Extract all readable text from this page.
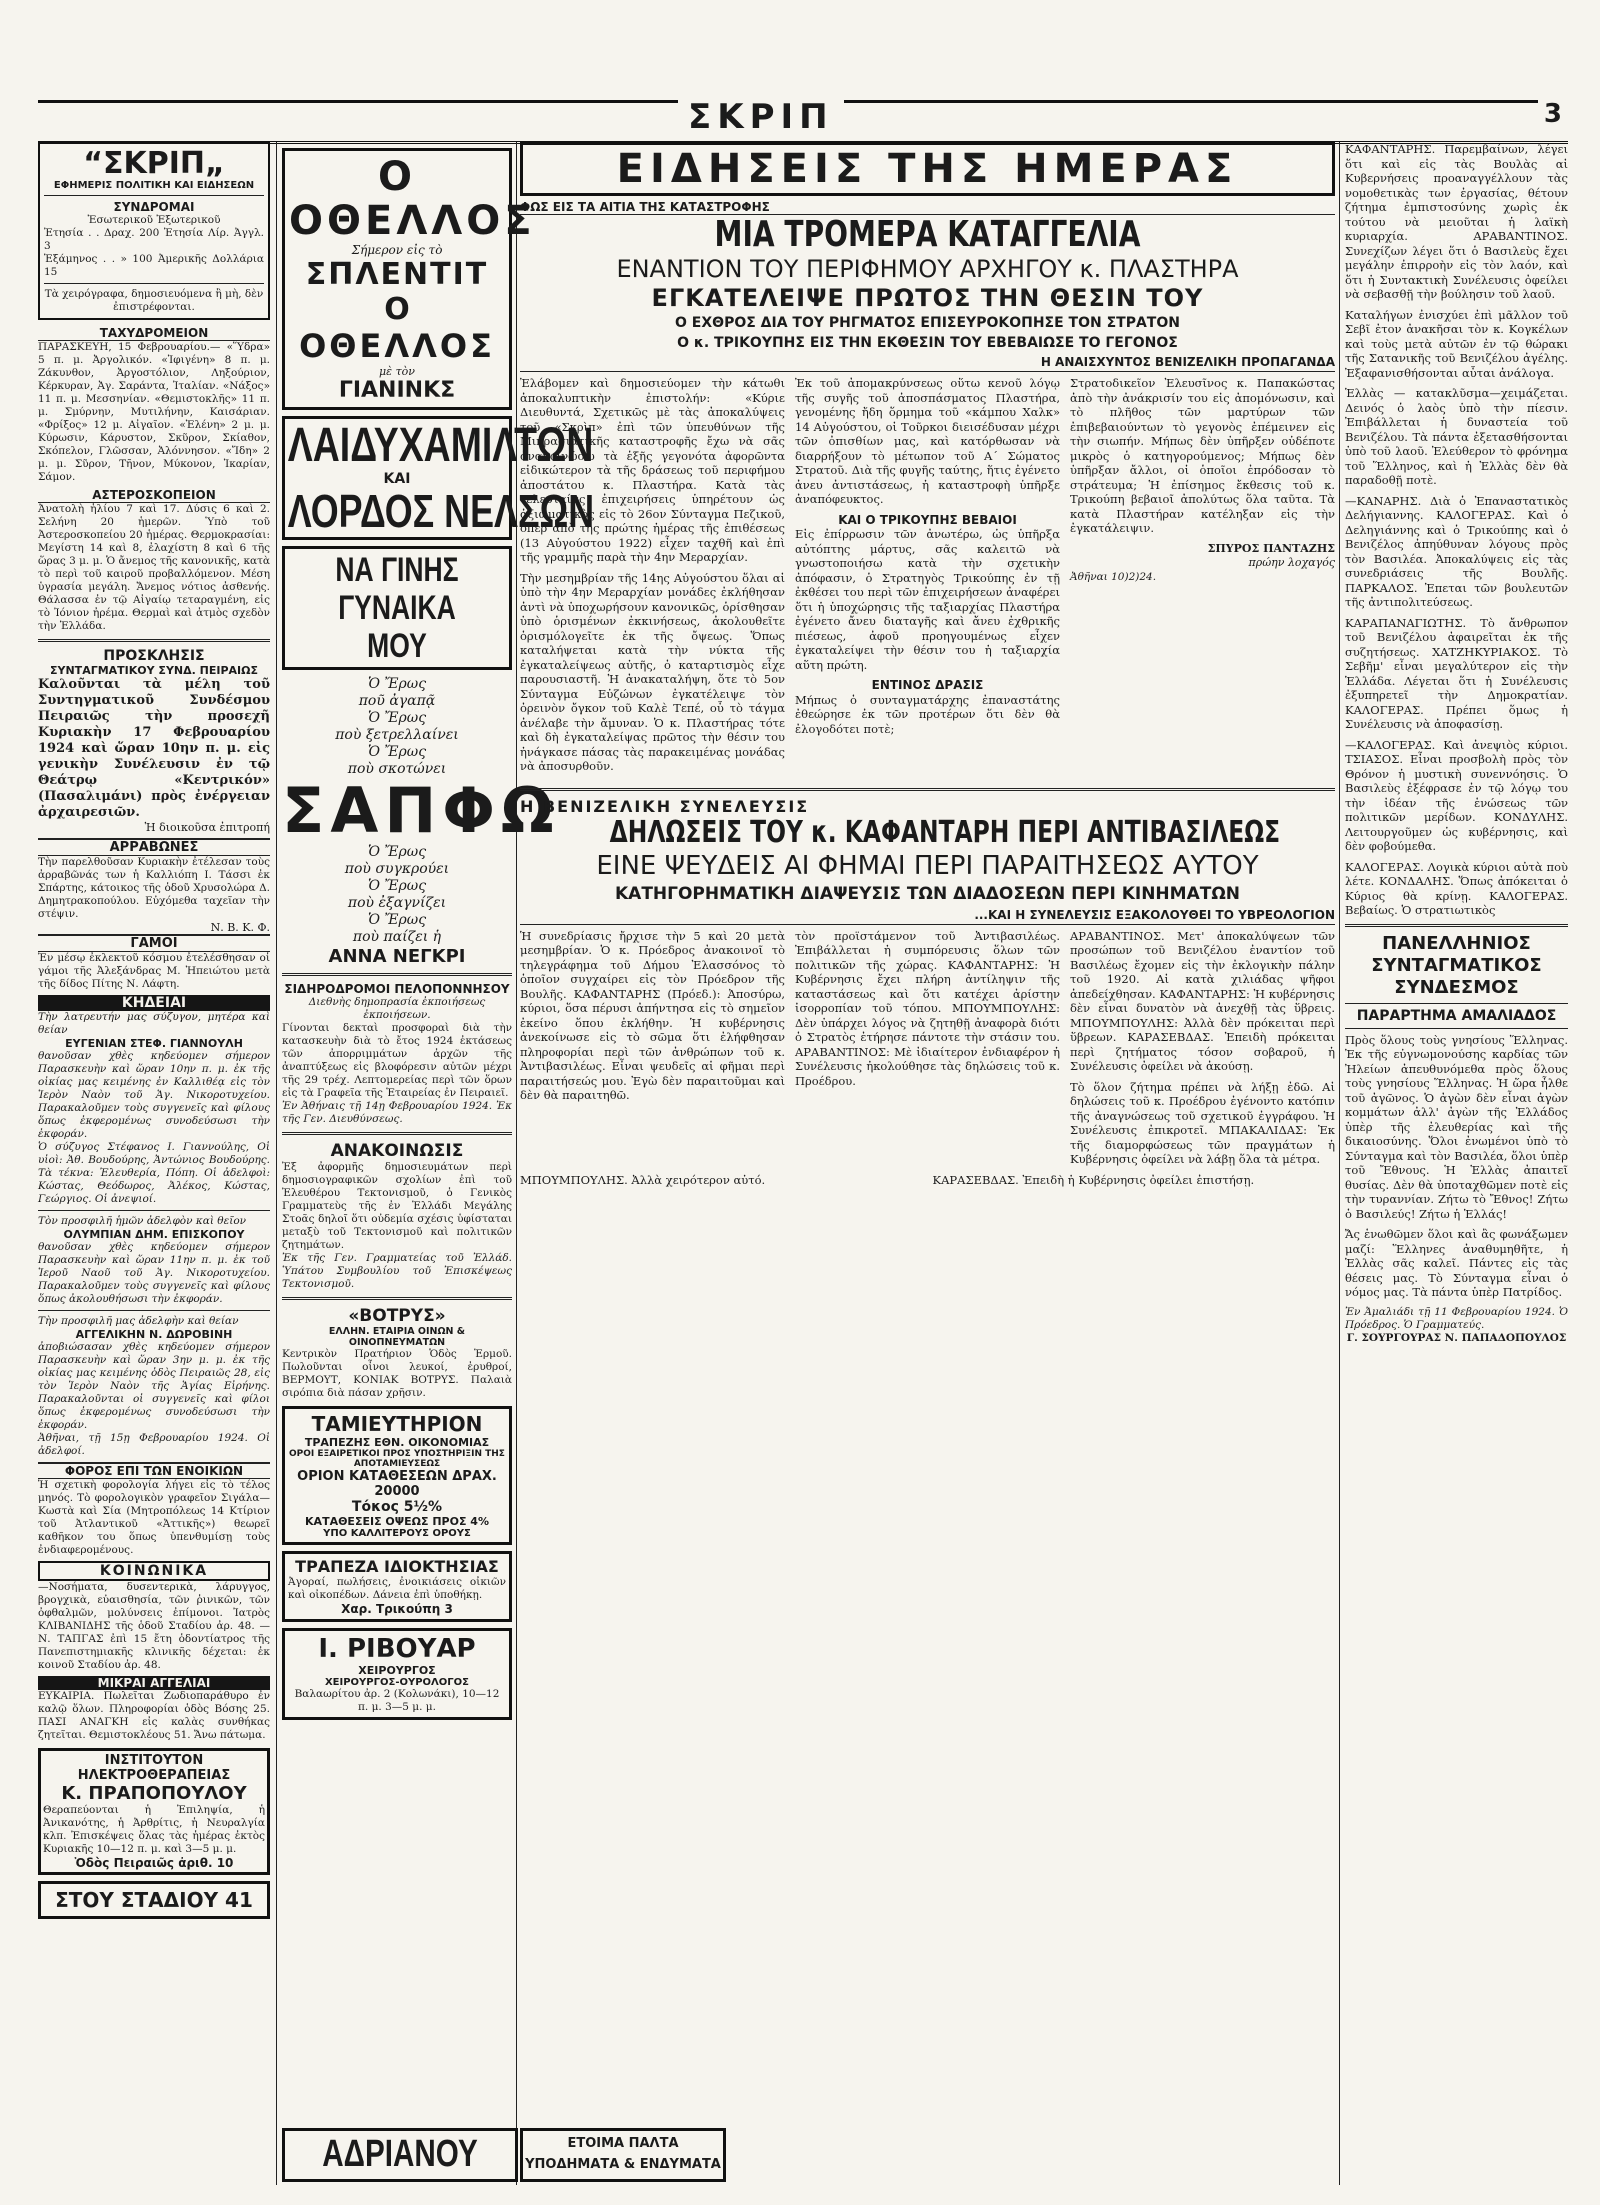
ΣΚΡΙΠ	3
“ΣΚΡΙΠ„
ΕΦΗΜΕΡΙΣ ΠΟΛΙΤΙΚΗ ΚΑΙ ΕΙΔΗΣΕΩΝ
ΣΥΝΔΡΟΜΑΙ
Ἐσωτερικοῦ Ἐξωτερικοῦ
Ἐτησία . . Δραχ. 200 Ἐτησία Λίρ. Ἀγγλ. 3
Ἑξάμηνος . . » 100 Ἀμερικῆς Δολλάρια 15
Τὰ χειρόγραφα, δημοσιευόμενα ἢ μὴ, δὲν ἐπιστρέφονται.
ΤΑΧΥΔΡΟΜΕΙΟΝ
ΠΑΡΑΣΚΕΥΗ, 15 Φεβρουαρίου.— «Ὕδρα» 5 π. μ. Ἀργολικόν. «Ἰφιγένη» 8 π. μ. Ζάκυνθον, Ἀργοστόλιον, Ληξούριον, Κέρκυραν, Ἀγ. Σαράντα, Ἰταλίαν. «Νάξος» 11 π. μ. Μεσσηνίαν. «Θεμιστοκλῆς» 11 π. μ. Σμύρνην, Μυτιλήνην, Καισάριαν. «Φρίξος» 12 μ. Αἰγαῖον. «Ἑλένη» 2 μ. μ. Κύρωσιν, Κάρυστον, Σκῦρον, Σκίαθον, Σκόπελον, Γλῶσσαν, Ἀλόννησον. «Ἴδη» 2 μ. μ. Σῦρον, Τῆνον, Μύκονον, Ἰκαρίαν, Σάμον.
ΑΣΤΕΡΟΣΚΟΠΕΙΟΝ
Ἀνατολὴ ἡλίου 7 καὶ 17. Δύσις 6 καὶ 2. Σελήνη 20 ἡμερῶν. Ὑπὸ τοῦ Ἀστεροσκοπείου 20 ἡμέρας. Θερμοκρασίαι: Μεγίστη 14 καὶ 8, ἐλαχίστη 8 καὶ 6 τῆς ὥρας 3 μ. μ. Ὁ ἄνεμος τῆς κανονικῆς, κατὰ τὸ περὶ τοῦ καιροῦ προβαλλόμενον. Μέση ὑγρασία μεγάλη. Ἄνεμος νότιος ἀσθενής. Θάλασσα ἐν τῷ Αἰγαίῳ τεταραγμένη, εἰς τὸ Ἰόνιον ἠρέμα. Θερμαὶ καὶ ἀτμὸς σχεδὸν τὴν Ἑλλάδα.
ΠΡΟΣΚΛΗΣΙΣ
ΣΥΝΤΑΓΜΑΤΙΚΟΥ ΣΥΝΔ. ΠΕΙΡΑΙΩΣ
Καλοῦνται τὰ μέλη τοῦ Συντηγματικοῦ Συνδέσμου Πειραιῶς τὴν προσεχῆ Κυριακὴν 17 Φεβρουαρίου 1924 καὶ ὥραν 10ην π. μ. εἰς γενικὴν Συνέλευσιν ἐν τῷ Θεάτρῳ «Κεντρικόν» (Πασαλιμάνι) πρὸς ἐνέργειαν ἀρχαιρεσιῶν.
Ἡ διοικοῦσα ἐπιτροπή
ΑΡΡΑΒΩΝΕΣ
Τὴν παρελθοῦσαν Κυριακὴν ἐτέλεσαν τοὺς ἀρραβῶνάς των ἡ Καλλιόπη Ι. Τάσσι ἐκ Σπάρτης, κάτοικος τῆς ὁδοῦ Χρυσολώρα Δ. Δημητρακοπούλου. Εὐχόμεθα ταχεῖαν τὴν στέψιν.
Ν. Β. Κ. Φ.
ΓΑΜΟΙ
Ἐν μέσῳ ἐκλεκτοῦ κόσμου ἐτελέσθησαν οἱ γάμοι τῆς Ἀλεξάνδρας Μ. Ἠπειώτου μετὰ τῆς δίδος Πίτης Ν. Λάφτη.
ΚΗΔΕΙΑΙ
Τὴν λατρευτήν μας σύζυγον, μητέρα καὶ θείαν
ΕΥΓΕΝΙΑΝ ΣΤΕΦ. ΓΙΑΝΝΟΥΛΗ
θανοῦσαν χθὲς κηδεύομεν σήμερον Παρασκευὴν καὶ ὥραν 10ην π. μ. ἐκ τῆς οἰκίας μας κειμένης ἐν Καλλιθέᾳ εἰς τὸν Ἱερὸν Ναὸν τοῦ Ἁγ. Νικοροτυχείου. Παρακαλοῦμεν τοὺς συγγενεῖς καὶ φίλους ὅπως ἐκφερομένως συνοδεύσωσι τὴν ἐκφοράν.
Ὁ σύζυγος Στέφανος Ι. Γιαννούλης, Οἱ υἱοὶ: Ἀθ. Βουδούρης, Ἀντώνιος Βουδούρης. Τὰ τέκνα: Ἐλευθερία, Πόπη. Οἱ ἀδελφοὶ: Κώστας, Θεόδωρος, Ἀλέκος, Κώστας, Γεώργιος. Οἱ ἀνεψιοί.
Τὸν προσφιλῆ ἡμῶν ἀδελφὸν καὶ θεῖον
ΟΛΥΜΠΙΑΝ ΔΗΜ. ΕΠΙΣΚΟΠΟΥ
θανοῦσαν χθὲς κηδεύομεν σήμερον Παρασκευὴν καὶ ὥραν 11ην π. μ. ἐκ τοῦ Ἱεροῦ Ναοῦ τοῦ Ἁγ. Νικοροτυχείου. Παρακαλοῦμεν τοὺς συγγενεῖς καὶ φίλους ὅπως ἀκολουθήσωσι τὴν ἐκφοράν.
Τὴν προσφιλῆ μας ἀδελφὴν καὶ θείαν
ΑΓΓΕΛΙΚΗΝ Ν. ΔΩΡΟΒΙΝΗ
ἀποβιώσασαν χθὲς κηδεύομεν σήμερον Παρασκευὴν καὶ ὥραν 3ην μ. μ. ἐκ τῆς οἰκίας μας κειμένης ὁδὸς Πειραιῶς 28, εἰς τὸν Ἱερὸν Ναὸν τῆς Ἁγίας Εἰρήνης. Παρακαλοῦνται οἱ συγγενεῖς καὶ φίλοι ὅπως ἐκφερομένως συνοδεύσωσι τὴν ἐκφοράν.
Ἀθῆναι, τῇ 15ῃ Φεβρουαρίου 1924. Οἱ ἀδελφοί.
ΦΟΡΟΣ ΕΠΙ ΤΩΝ ΕΝΟΙΚΙΩΝ
Ἡ σχετικὴ φορολογία λήγει εἰς τὸ τέλος μηνός. Τὸ φορολογικὸν γραφεῖον Σιγάλα—Κωστὰ καὶ Σία (Μητροπόλεως 14 Κτίριον τοῦ Ἀτλαντικοῦ «Ἀττικῆς») θεωρεῖ καθῆκον του ὅπως ὑπενθυμίσῃ τοὺς ἐνδιαφερομένους.
ΚΟΙΝΩΝΙΚΑ
—Νοσήματα, δυσεντερικὰ, λάρυγγος, βρογχικὰ, εὐαισθησία, τῶν ῥινικῶν, τῶν ὀφθαλμῶν, μολύνσεις ἐπίμονοι. Ἰατρὸς ΚΛΙΒΑΝΙΔΗΣ τῆς ὁδοῦ Σταδίου ἀρ. 48. — Ν. ΤΑΠΓΑΣ ἐπὶ 15 ἔτη ὁδοντίατρος τῆς Πανεπιστημιακῆς κλινικῆς δέχεται: ἐκ κοινοῦ Σταδίου ἀρ. 48.
ΜΙΚΡΑΙ ΑΓΓΕΛΙΑΙ
ΕΥΚΑΙΡΙΑ. Πωλεῖται Ζωδιοπαράθυρο ἐν καλῷ ὅλων. Πληροφορίαι ὁδὸς Βόσης 25. ΠΑΣΙ ΑΝΑΓΚΗ εἰς καλὰς συνθήκας ζητεῖται. Θεμιστοκλέους 51. Ἄνω πάτωμα.
ΙΝΣΤΙΤΟΥΤΟΝ ΗΛΕΚΤΡΟΘΕΡΑΠΕΙΑΣ
Κ. ΠΡΑΠΟΠΟΥΛΟΥ
Θεραπεύονται ἡ Ἐπιληψία, ἡ Ἀνικανότης, ἡ Ἀρθρίτις, ἡ Νευραλγία κλπ. Ἐπισκέψεις ὅλας τὰς ἡμέρας ἐκτὸς Κυριακῆς 10—12 π. μ. καὶ 3—5 μ. μ.
Ὁδὸς Πειραιῶς ἀριθ. 10
ΣΤΟΥ ΣΤΑΔΙΟΥ 41
Ο ΟΘΕΛΛΟΣ
Σήμερον εἰς τὸ
ΣΠΛΕΝΤΙΤ
Ο
ΟΘΕΛΛΟΣ
μὲ τὸν
ΓΙΑΝΙΝΚΣ
ΛΑΙΔΥΧΑΜΙΛΤΩΝ
ΚΑΙ
ΛΟΡΔΟΣ ΝΕΛΣΩΝ
ΝΑ ΓΙΝΗΣ ΓΥΝΑΙΚΑ ΜΟΥ
Ὁ Ἔρως
ποῦ ἀγαπᾷ
Ὁ Ἔρως
ποὺ ξετρελλαίνει
Ὁ Ἔρως
ποὺ σκοτώνει
ΣΑΠΦΩ
Ὁ Ἔρως
ποὺ συγκρούει
Ὁ Ἔρως
ποὺ ἐξαγνίζει
Ὁ Ἔρως
ποὺ παίζει ἡ
ΑΝΝΑ ΝΕΓΚΡΙ
ΣΙΔΗΡΟΔΡΟΜΟΙ ΠΕΛΟΠΟΝΝΗΣΟΥ
Διεθνὴς δημοπρασία ἐκποιήσεως ἐκποιήσεων.
Γίνονται δεκταὶ προσφοραὶ διὰ τὴν κατασκευὴν διὰ τὸ ἔτος 1924 ἐκτάσεως τῶν ἀπορριμμάτων ἀρχῶν τῆς ἀναπτύξεως εἰς βλοφόρεσιν αὐτῶν μέχρι τῆς 29 τρέχ. Λεπτομερείας περὶ τῶν ὅρων εἰς τὰ Γραφεῖα τῆς Ἑταιρείας ἐν Πειραιεῖ.
Ἐν Ἀθήναις τῇ 14ῃ Φεβρουαρίου 1924. Ἐκ τῆς Γεν. Διευθύνσεως.
ΑΝΑΚΟΙΝΩΣΙΣ
Ἐξ ἀφορμῆς δημοσιευμάτων περὶ δημοσιογραφικῶν σχολίων ἐπὶ τοῦ Ἐλευθέρου Τεκτονισμοῦ, ὁ Γενικὸς Γραμματεὺς τῆς ἐν Ἑλλάδι Μεγάλης Στοᾶς δηλοῖ ὅτι οὐδεμία σχέσις ὑφίσταται μεταξὺ τοῦ Τεκτονισμοῦ καὶ πολιτικῶν ζητημάτων.
Ἐκ τῆς Γεν. Γραμματείας τοῦ Ἐλλάδ. Ὑπάτου Συμβουλίου τοῦ Ἐπισκέψεως Τεκτονισμοῦ.
«ΒΟΤΡΥΣ»
ΕΛΛΗΝ. ΕΤΑΙΡΙΑ ΟΙΝΩΝ & ΟΙΝΟΠΝΕΥΜΑΤΩΝ
Κεντρικὸν Πρατήριον Ὁδὸς Ἑρμοῦ. Πωλοῦνται οἶνοι λευκοί, ἐρυθροί, ΒΕΡΜΟΥΤ, ΚΟΝΙΑΚ ΒΟΤΡΥΣ. Παλαιὰ σιρόπια διὰ πάσαν χρῆσιν.
ΤΑΜΙΕΥΤΗΡΙΟΝ
ΤΡΑΠΕΖΗΣ ΕΘΝ. ΟΙΚΟΝΟΜΙΑΣ
ΟΡΟΙ ΕΞΑΙΡΕΤΙΚΟΙ ΠΡΟΣ ΥΠΟΣΤΗΡΙΞΙΝ ΤΗΣ ΑΠΟΤΑΜΙΕΥΣΕΩΣ
ΟΡΙΟΝ ΚΑΤΑΘΕΣΕΩΝ ΔΡΑΧ. 20000
Τόκος 5½%
ΚΑΤΑΘΕΣΕΙΣ ΟΨΕΩΣ ΠΡΟΣ 4%
ΥΠΟ ΚΑΛΛΙΤΕΡΟΥΣ ΟΡΟΥΣ
ΤΡΑΠΕΖΑ ΙΔΙΟΚΤΗΣΙΑΣ
Ἀγοραί, πωλήσεις, ἐνοικιάσεις οἰκιῶν καὶ οἰκοπέδων. Δάνεια ἐπὶ ὑποθήκῃ.
Χαρ. Τρικούπη 3
Ι. ΡΙΒΟΥΑΡ
ΧΕΙΡΟΥΡΓΟΣ
ΧΕΙΡΟΥΡΓΟΣ-ΟΥΡΟΛΟΓΟΣ
Βαλαωρίτου ἀρ. 2 (Κολωνάκι), 10—12 π. μ. 3—5 μ. μ.
ΕΙΔΗΣΕΙΣ ΤΗΣ ΗΜΕΡΑΣ
ΦΩΣ ΕΙΣ ΤΑ ΑΙΤΙΑ ΤΗΣ ΚΑΤΑΣΤΡΟΦΗΣ
ΜΙΑ ΤΡΟΜΕΡΑ ΚΑΤΑΓΓΕΛΙΑ
ΕΝΑΝΤΙΟΝ ΤΟΥ ΠΕΡΙΦΗΜΟΥ ΑΡΧΗΓΟΥ κ. ΠΛΑΣΤΗΡΑ
ΕΓΚΑΤΕΛΕΙΨΕ ΠΡΩΤΟΣ ΤΗΝ ΘΕΣΙΝ ΤΟΥ
Ο ΕΧΘΡΟΣ ΔΙΑ ΤΟΥ ΡΗΓΜΑΤΟΣ ΕΠΙΣΕΥΡΟΚΟΠΗΣΕ ΤΟΝ ΣΤΡΑΤΟΝ
Ο κ. ΤΡΙΚΟΥΠΗΣ ΕΙΣ ΤΗΝ ΕΚΘΕΣΙΝ ΤΟΥ ΕΒΕΒΑΙΩΣΕ ΤΟ ΓΕΓΟΝΟΣ
Η ΑΝΑΙΣΧΥΝΤΟΣ ΒΕΝΙΖΕΛΙΚΗ ΠΡΟΠΑΓΑΝΔΑ

Ἐλάβομεν καὶ δημοσιεύομεν τὴν κάτωθι ἀποκαλυπτικὴν ἐπιστολήν: «Κύριε Διευθυντά, Σχετικῶς μὲ τὰς ἀποκαλύψεις τοῦ «Σκρὶπ» ἐπὶ τῶν ὑπευθύνων τῆς Μικρασιατικῆς καταστροφῆς ἔχω νὰ σᾶς ἀνακοινώσω τὰ ἑξῆς γεγονότα ἀφορῶντα εἰδικώτερον τὰ τῆς δράσεως τοῦ περιφήμου ἀποστάτου κ. Πλαστήρα. Κατὰ τὰς τελευταίας ἐπιχειρήσεις ὑπηρέτουν ὡς ἀξιωματικὸς εἰς τὸ 26ον Σύνταγμα Πεζικοῦ, ὅπερ ἀπὸ τῆς πρώτης ἡμέρας τῆς ἐπιθέσεως (13 Αὐγούστου 1922) εἶχεν ταχθῆ καὶ ἐπὶ τῆς γραμμῆς παρὰ τὴν 4ην Μεραρχίαν.

Τὴν μεσημβρίαν τῆς 14ης Αὐγούστου ὅλαι αἱ ὑπὸ τὴν 4ην Μεραρχίαν μονάδες ἐκλήθησαν ἀντὶ νὰ ὑποχωρήσουν κανονικῶς, ὁρίσθησαν ὑπὸ ὁρισμένων ἐκκινήσεως, ἀκολουθεῖτε ὁρισμόλογεῖτε ἐκ τῆς ὄψεως. Ὅπως καταλήψεται κατὰ τὴν νύκτα τῆς ἐγκαταλείψεως αὐτῆς, ὁ καταρτισμὸς εἶχε παρουσιαστῆ. Ἡ ἀνακαταλήψη, ὅτε τὸ 5ον Σύνταγμα Εὐζώνων ἐγκατέλειψε τὸν ὀρεινὸν ὄγκον τοῦ Καλὲ Τεπέ, οὗ τὸ τάγμα ἀνέλαβε τὴν ἄμυναν. Ὁ κ. Πλαστήρας τότε καὶ δὴ ἐγκαταλείψας πρῶτος τὴν θέσιν του ἠνάγκασε πάσας τὰς παρακειμένας μονάδας νὰ ἀποσυρθοῦν.

Ἐκ τοῦ ἀπομακρύνσεως οὕτω κενοῦ λόγῳ τῆς συγῆς τοῦ ἀποσπάσματος Πλαστήρα, γενομένης ἤδη ὅρμημα τοῦ «κάμπου Χαλκ» 14 Αὐγούστου, οἱ Τοῦρκοι διεισέδυσαν μέχρι τῶν ὀπισθίων μας, καὶ κατόρθωσαν νὰ διαρρήξουν τὸ μέτωπον τοῦ Α΄ Σώματος Στρατοῦ. Διὰ τῆς φυγῆς ταύτης, ἥτις ἐγένετο ἀνευ ἀντιστάσεως, ἡ καταστροφὴ ὑπῆρξε ἀναπόφευκτος.

ΚΑΙ Ο ΤΡΙΚΟΥΠΗΣ ΒΕΒΑΙΟΙ

Εἰς ἐπίρρωσιν τῶν ἀνωτέρω, ὡς ὑπῆρξα αὐτόπτης μάρτυς, σᾶς καλειτῶ νὰ γνωστοποιήσω κατὰ τὴν σχετικὴν ἀπόφασιν, ὁ Στρατηγὸς Τρικούπης ἐν τῇ ἐκθέσει του περὶ τῶν ἐπιχειρήσεων ἀναφέρει ὅτι ἡ ὑποχώρησις τῆς ταξιαρχίας Πλαστήρα ἐγένετο ἄνευ διαταγῆς καὶ ἄνευ ἐχθρικῆς πιέσεως, ἀφοῦ προηγουμένως εἶχεν ἐγκαταλείψει τὴν θέσιν του ἡ ταξιαρχία αὕτη πρώτη.

ΕΝΤΙΝΟΣ ΔΡΑΣΙΣ

Μήπως ὁ συνταγματάρχης ἐπαναστάτης ἐθεώρησε ἐκ τῶν προτέρων ὅτι δὲν θὰ ἐλογοδότει ποτὲ;

Στρατοδικεῖον Ἐλευσῖνος κ. Παπακώστας ἀπὸ τὴν ἀνάκρισίν του εἰς ἀπομόνωσιν, καὶ τὸ πλῆθος τῶν μαρτύρων τῶν ἐπιβεβαιούντων τὸ γεγονὸς ἐπέμεινεν εἰς τὴν σιωπήν. Μήπως δὲν ὑπῆρξεν οὐδέποτε μικρὸς ὁ κατηγορούμενος; Μήπως δὲν ὑπῆρξαν ἄλλοι, οἱ ὁποῖοι ἐπρόδοσαν τὸ στράτευμα; Ἡ ἐπίσημος ἔκθεσις τοῦ κ. Τρικούπη βεβαιοῖ ἀπολύτως ὅλα ταῦτα. Τὰ κατὰ Πλαστήραν κατέληξαν εἰς τὴν ἐγκατάλειψιν.

ΣΠΥΡΟΣ ΠΑΝΤΑΖΗΣ
πρώην λοχαγός
Ἀθῆναι 10)2)24.
Η ΒΕΝΙΖΕΛΙΚΗ ΣΥΝΕΛΕΥΣΙΣ
ΔΗΛΩΣΕΙΣ ΤΟΥ κ. ΚΑΦΑΝΤΑΡΗ ΠΕΡΙ ΑΝΤΙΒΑΣΙΛΕΩΣ
ΕΙΝΕ ΨΕΥΔΕΙΣ ΑΙ ΦΗΜΑΙ ΠΕΡΙ ΠΑΡΑΙΤΗΣΕΩΣ ΑΥΤΟΥ
ΚΑΤΗΓΟΡΗΜΑΤΙΚΗ ΔΙΑΨΕΥΣΙΣ ΤΩΝ ΔΙΑΔΟΣΕΩΝ ΠΕΡΙ ΚΙΝΗΜΑΤΩΝ
...ΚΑΙ Η ΣΥΝΕΛΕΥΣΙΣ ΕΞΑΚΟΛΟΥΘΕΙ ΤΟ ΥΒΡΕΟΛΟΓΙΟΝ

Ἡ συνεδρίασις ἤρχισε τὴν 5 καὶ 20 μετὰ μεσημβρίαν. Ὁ κ. Πρόεδρος ἀνακοινοῖ τὸ τηλεγράφημα τοῦ Δήμου Ἐλασσόνος τὸ ὁποῖον συγχαίρει εἰς τὸν Πρόεδρον τῆς Βουλῆς. ΚΑΦΑΝΤΑΡΗΣ (Πρόεδ.): Ἀποσύρω, κύριοι, ὅσα πέρυσι ἀπήντησα εἰς τὸ σημεῖον ἐκείνο ὅπου ἐκλήθην. Ἡ κυβέρνησις ἀνεκοίνωσε εἰς τὸ σῶμα ὅτι ἐλήφθησαν πληροφορίαι περὶ τῶν ἀνθρώπων τοῦ κ. Ἀντιβασιλέως. Εἶναι ψευδεῖς αἱ φῆμαι περὶ παραιτήσεώς μου. Ἐγὼ δὲν παραιτοῦμαι καὶ δὲν θὰ παραιτηθῶ.

τὸν προϊστάμενον τοῦ Ἀντιβασιλέως. Ἐπιβάλλεται ἡ συμπόρευσις ὅλων τῶν πολιτικῶν τῆς χώρας. ΚΑΦΑΝΤΑΡΗΣ: Ἡ Κυβέρνησις ἔχει πλήρη ἀντίληψιν τῆς καταστάσεως καὶ ὅτι κατέχει ἀρίστην ἰσορροπίαν τοῦ τόπου. ΜΠΟΥΜΠΟΥΛΗΣ: Δὲν ὑπάρχει λόγος νὰ ζητηθῇ ἀναφορὰ διότι ὁ Στρατὸς ἐτήρησε πάντοτε τὴν στάσιν του. ΑΡΑΒΑΝΤΙΝΟΣ: Μὲ ἰδιαίτερον ἐνδιαφέρον ἡ Συνέλευσις ἠκολούθησε τὰς δηλώσεις τοῦ κ. Προέδρου.

ΑΡΑΒΑΝΤΙΝΟΣ. Μετ' ἀποκαλύψεων τῶν προσώπων τοῦ Βενιζέλου ἐναντίον τοῦ Βασιλέως ἔχομεν εἰς τὴν ἐκλογικὴν πάλην τοῦ 1920. Αἱ κατὰ χιλιάδας ψῆφοι ἀπεδείχθησαν. ΚΑΦΑΝΤΑΡΗΣ: Ἡ κυβέρνησις δὲν εἶναι δυνατὸν νὰ ἀνεχθῇ τὰς ὕβρεις. ΜΠΟΥΜΠΟΥΛΗΣ: Ἀλλὰ δὲν πρόκειται περὶ ὕβρεων. ΚΑΡΑΣΕΒΔΑΣ. Ἐπειδὴ πρόκειται περὶ ζητήματος τόσον σοβαροῦ, ἡ Συνέλευσις ὀφείλει νὰ ἀκούσῃ.

Τὸ ὅλον ζήτημα πρέπει νὰ λήξῃ ἐδῶ. Αἱ δηλώσεις τοῦ κ. Προέδρου ἐγένοντο κατόπιν τῆς ἀναγνώσεως τοῦ σχετικοῦ ἐγγράφου. Ἡ Συνέλευσις ἐπικροτεῖ. ΜΠΑΚΑΛΙΔΑΣ: Ἐκ τῆς διαμορφώσεως τῶν πραγμάτων ἡ Κυβέρνησις ὀφείλει νὰ λάβῃ ὅλα τὰ μέτρα.

ΜΠΟΥΜΠΟΥΛΗΣ. Ἀλλὰ χειρότερον αὐτό.	ΚΑΡΑΣΕΒΔΑΣ. Ἐπειδὴ ἡ Κυβέρνησις ὀφείλει ἐπιστήσῃ.

ΚΑΦΑΝΤΑΡΗΣ. Παρεμβαίνων, λέγει ὅτι καὶ εἰς τὰς Βουλὰς αἱ Κυβερνήσεις προαναγγέλλουν τὰς νομοθετικὰς των ἐργασίας, θέτουν ζήτημα ἐμπιστοσύνης χωρὶς ἐκ τούτου νὰ μειοῦται ἡ λαϊκὴ κυριαρχία. ΑΡΑΒΑΝΤΙΝΟΣ. Συνεχίζων λέγει ὅτι ὁ Βασιλεὺς ἔχει μεγάλην ἐπιρροὴν εἰς τὸν λαόν, καὶ ὅτι ἡ Συντακτικὴ Συνέλευσις ὀφείλει νὰ σεβασθῇ τὴν βούλησιν τοῦ λαοῦ.

Καταλήγων ἐνισχύει ἐπὶ μᾶλλον τοῦ Σεβῖ ἐτον ἀνακῆσαι τὸν κ. Κογκέλων καὶ τοὺς μετὰ αὐτῶν ἐν τῷ θώρακι τῆς Σατανικῆς τοῦ Βενιζέλου ἀγέλης. Ἐξαφανισθήσονται αὗται ἀνάλογα.

Ἑλλὰς — κατακλῦσμα—χειμάζεται. Δεινός ὁ λαὸς ὑπὸ τὴν πίεσιν. Ἐπιβάλλεται ἡ δυναστεία τοῦ Βενιζέλου. Τὰ πάντα ἐξετασθήσονται ὑπὸ τοῦ λαοῦ. Ἐλεύθερον τὸ φρόνημα τοῦ Ἕλληνος, καὶ ἡ Ἑλλὰς δὲν θὰ παραδοθῇ ποτὲ.

—ΚΑΝΑΡΗΣ. Διὰ ὁ Ἐπαναστατικὸς Δελήγιαννης. ΚΑΛΟΓΕΡΑΣ. Καὶ ὁ Δεληγιάννης καὶ ὁ Τρικούπης καὶ ὁ Βενιζέλος ἀπηύθυναν λόγους πρὸς τὸν Βασιλέα. Ἀποκαλύψεις εἰς τὰς συνεδριάσεις τῆς Βουλῆς. ΠΑΡΚΑΛΟΣ. Ἐπεται τῶν βουλευτῶν τῆς ἀντιπολιτεύσεως.

ΚΑΡΑΠΑΝΑΓΙΩΤΗΣ. Τὸ ἄνθρωπον τοῦ Βενιζέλου ἀφαιρεῖται ἐκ τῆς συζητήσεως. ΧΑΤΖΗΚΥΡΙΑΚΟΣ. Τὸ Σεβῆμ' εἶναι μεγαλύτερον εἰς τὴν Ἑλλάδα. Λέγεται ὅτι ἡ Συνέλευσις ἐξυπηρετεῖ τὴν Δημοκρατίαν. ΚΑΛΟΓΕΡΑΣ. Πρέπει ὅμως ἡ Συνέλευσις νὰ ἀποφασίσῃ.

—ΚΑΛΟΓΕΡΑΣ. Καὶ ἀνεψιὸς κύριοι. ΤΣΙΑΣΟΣ. Εἶναι προσβολὴ πρὸς τὸν Θρόνον ἡ μυστικὴ συνεννόησις. Ὁ Βασιλεὺς ἐξέφρασε ἐν τῷ λόγῳ του τὴν ἰδέαν τῆς ἑνώσεως τῶν πολιτικῶν μερίδων. ΚΟΝΔΥΛΗΣ. Λειτουργοῦμεν ὡς κυβέρνησις, καὶ δὲν φοβούμεθα.

ΚΑΛΟΓΕΡΑΣ. Λογικὰ κύριοι αὐτὰ ποὺ λέτε. ΚΟΝΔΑΛΗΣ. Ὅπως ἀπόκειται ὁ Κύριος θὰ κρίνῃ. ΚΑΛΟΓΕΡΑΣ. Βεβαίως. Ὁ στρατιωτικὸς

ΠΑΝΕΛΛΗΝΙΟΣ ΣΥΝΤΑΓΜΑΤΙΚΟΣ ΣΥΝΔΕΣΜΟΣ
ΠΑΡΑΡΤΗΜΑ ΑΜΑΛΙΑΔΟΣ

Πρὸς ὅλους τοὺς γνησίους Ἕλληνας. Ἐκ τῆς εὐγνωμονούσης καρδίας τῶν Ἠλείων ἀπευθυνόμεθα πρὸς ὅλους τοὺς γνησίους Ἕλληνας. Ἡ ὥρα ἦλθε τοῦ ἀγῶνος. Ὁ ἀγὼν δὲν εἶναι ἀγὼν κομμάτων ἀλλ' ἀγὼν τῆς Ἑλλάδος ὑπὲρ τῆς ἐλευθερίας καὶ τῆς δικαιοσύνης. Ὅλοι ἐνωμένοι ὑπὸ τὸ Σύνταγμα καὶ τὸν Βασιλέα, ὅλοι ὑπὲρ τοῦ Ἔθνους. Ἡ Ἑλλὰς ἀπαιτεῖ θυσίας. Δὲν θὰ ὑποταχθῶμεν ποτὲ εἰς τὴν τυραννίαν. Ζήτω τὸ Ἔθνος! Ζήτω ὁ Βασιλεύς! Ζήτω ἡ Ἑλλάς!

Ἄς ἑνωθῶμεν ὅλοι καὶ ἂς φωνάξωμεν μαζί: Ἕλληνες ἀναθυμηθῆτε, ἡ Ἑλλὰς σᾶς καλεῖ. Πάντες εἰς τὰς θέσεις μας. Τὸ Σύνταγμα εἶναι ὁ νόμος μας. Τὰ πάντα ὑπὲρ Πατρίδος.

Ἐν Ἀμαλιάδι τῇ 11 Φεβρουαρίου 1924. Ὁ Πρόεδρος. Ὁ Γραμματεύς.
Γ. ΣΟΥΡΓΟΥΡΑΣ Ν. ΠΑΠΑΔΟΠΟΥΛΟΣ
ΑΔΡΙΑΝΟΥ	ΕΤΟΙΜΑ ΠΑΛΤΑ ΥΠΟΔΗΜΑΤΑ & ΕΝΔΥΜΑΤΑ
